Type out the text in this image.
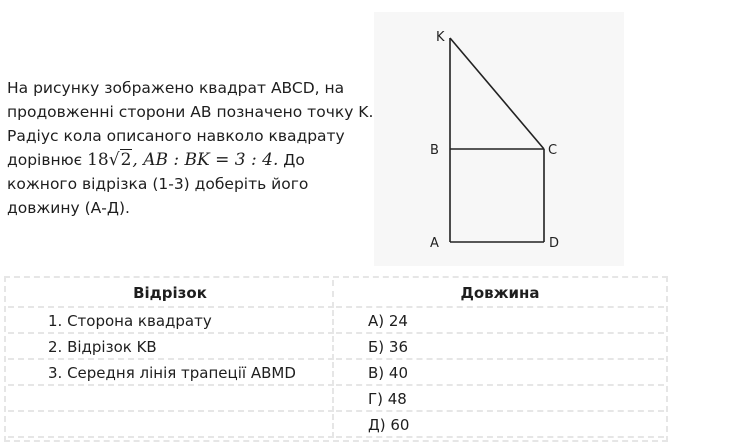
На рисунку зображено квадрат ABCD, на
продовженні сторони AB позначено точку K.
Радіус кола описаного навколо квадрату
дорівнює 18√2, AB : BK = 3 : 4. До
кожного відрізка (1-3) доберіть його
довжину (А-Д).
K
B	C
A	D
Відрізок	Довжина
1. Сторона квадрату	А) 24
2. Відрізок KB	Б) 36
3. Середня лінія трапеції ABMD	В) 40
	Г) 48
	Д) 60
